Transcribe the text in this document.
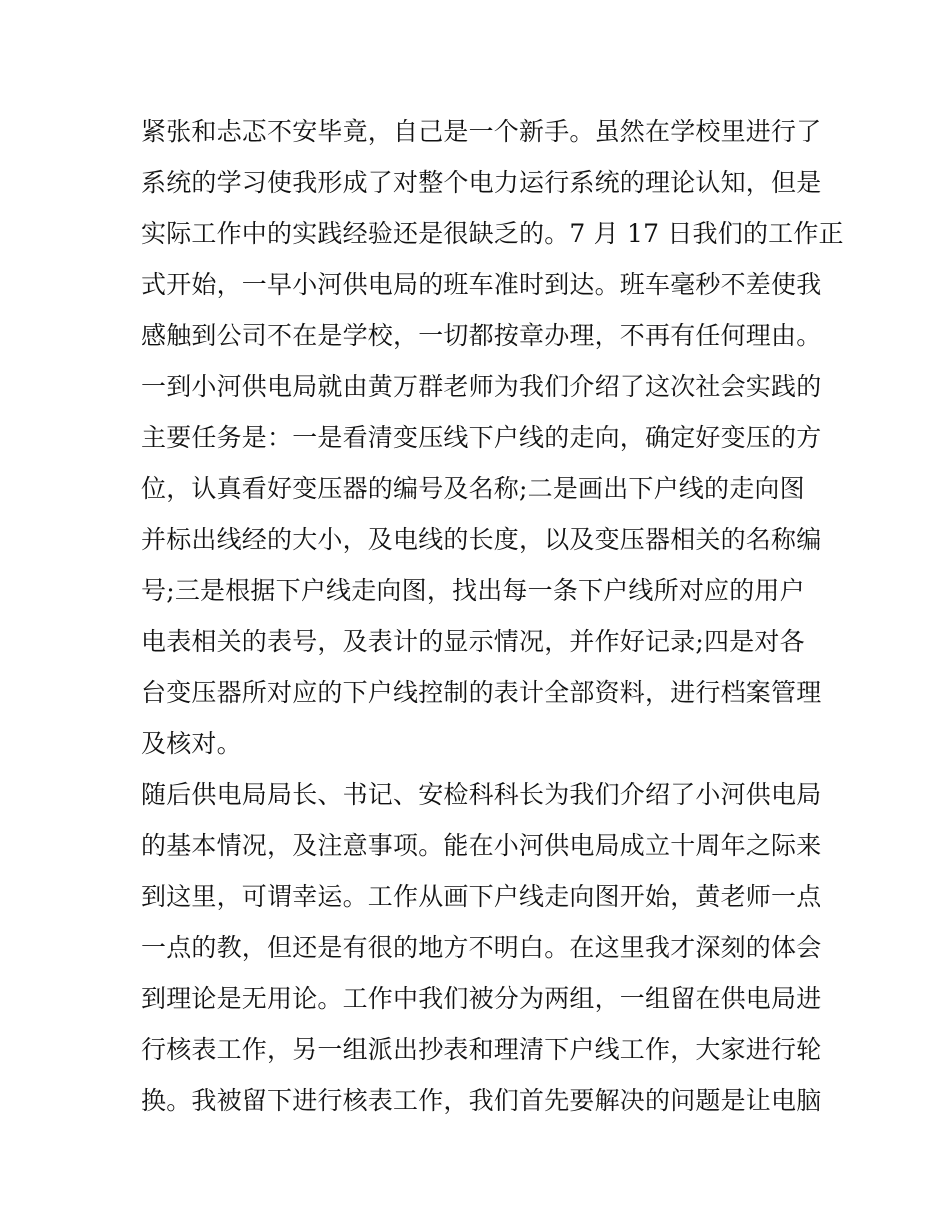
紧张和忐忑不安毕竟，自己是一个新手。虽然在学校里进行了
系统的学习使我形成了对整个电力运行系统的理论认知，但是
实际工作中的实践经验还是很缺乏的。7 月 17 日我们的工作正
式开始，一早小河供电局的班车准时到达。班车毫秒不差使我
感触到公司不在是学校，一切都按章办理，不再有任何理由。
一到小河供电局就由黄万群老师为我们介绍了这次社会实践的
主要任务是：一是看清变压线下户线的走向，确定好变压的方
位，认真看好变压器的编号及名称;二是画出下户线的走向图
并标出线经的大小，及电线的长度，以及变压器相关的名称编
号;三是根据下户线走向图，找出每一条下户线所对应的用户
电表相关的表号，及表计的显示情况，并作好记录;四是对各
台变压器所对应的下户线控制的表计全部资料，进行档案管理
及核对。
随后供电局局长、书记、安检科科长为我们介绍了小河供电局
的基本情况，及注意事项。能在小河供电局成立十周年之际来
到这里，可谓幸运。工作从画下户线走向图开始，黄老师一点
一点的教，但还是有很的地方不明白。在这里我才深刻的体会
到理论是无用论。工作中我们被分为两组，一组留在供电局进
行核表工作，另一组派出抄表和理清下户线工作，大家进行轮
换。我被留下进行核表工作，我们首先要解决的问题是让电脑
